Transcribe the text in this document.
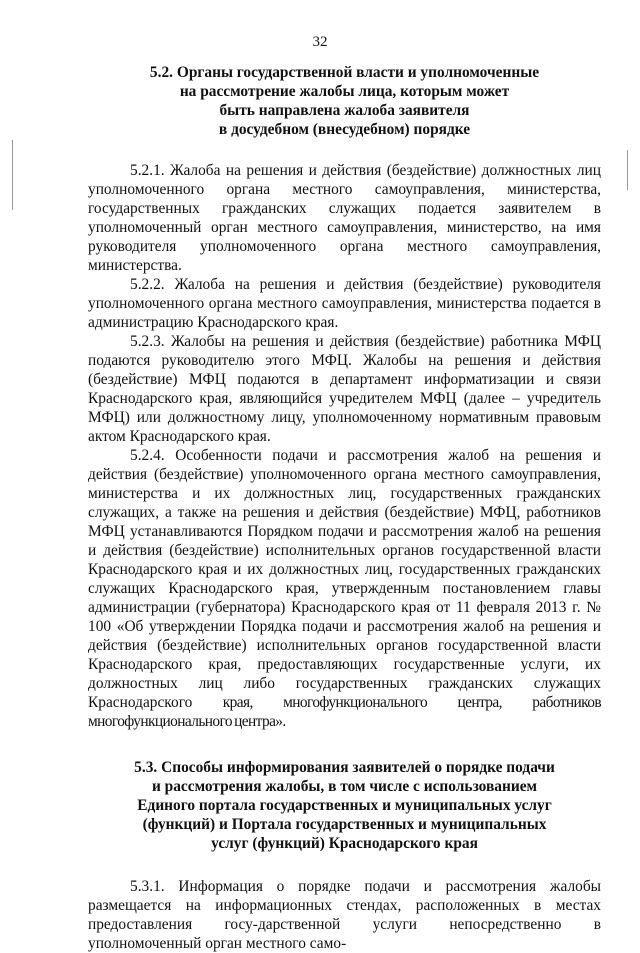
32
5.2. Органы государственной власти и уполномоченные
на рассмотрение жалобы лица, которым может
быть направлена жалоба заявителя
в досудебном (внесудебном) порядке

5.2.1. Жалоба на решения и действия (бездействие) должностных лиц уполномоченного органа местного самоуправления, министерства, государственных гражданских служащих подается заявителем в уполномоченный орган местного самоуправления, министерство, на имя руководителя уполномоченного органа местного самоуправления, министерства.

5.2.2. Жалоба на решения и действия (бездействие) руководителя уполномоченного органа местного самоуправления, министерства подается в администрацию Краснодарского края.

5.2.3. Жалобы на решения и действия (бездействие) работника МФЦ подаются руководителю этого МФЦ. Жалобы на решения и действия (бездействие) МФЦ подаются в департамент информатизации и связи Краснодарского края, являющийся учредителем МФЦ (далее – учредитель МФЦ) или должностному лицу, уполномоченному нормативным правовым актом Краснодарского края.

5.2.4. Особенности подачи и рассмотрения жалоб на решения и действия (бездействие) уполномоченного органа местного самоуправления, министерства и их должностных лиц, государственных гражданских служащих, а также на решения и действия (бездействие) МФЦ, работников МФЦ устанавливаются Порядком подачи и рассмотрения жалоб на решения и действия (бездействие) исполнительных органов государственной власти Краснодарского края и их должностных лиц, государственных гражданских служащих Краснодарского края, утвержденным постановлением главы администрации (губернатора) Краснодарского края от 11 февраля 2013 г. № 100 «Об утверждении Порядка подачи и рассмотрения жалоб на решения и действия (бездействие) исполнительных органов государственной власти Краснодарского края, предоставляющих государственные услуги, их должностных лиц либо государственных гражданских служащих Краснодарского края, многофункционального центра, работников многофункционального центра».

5.3. Способы информирования заявителей о порядке подачи
и рассмотрения жалобы, в том числе с использованием
Единого портала государственных и муниципальных услуг
(функций) и Портала государственных и муниципальных
услуг (функций) Краснодарского края

5.3.1. Информация о порядке подачи и рассмотрения жалобы размещается на информационных стендах, расположенных в местах предоставления госу-дарственной услуги непосредственно в уполномоченный орган местного само-
